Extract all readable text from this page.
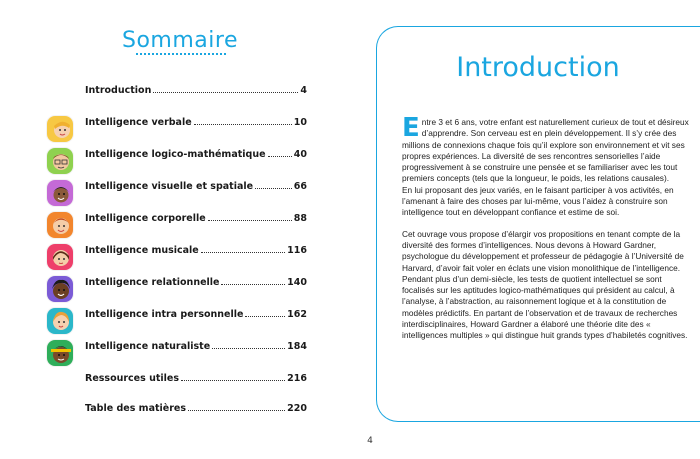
Sommaire
Introduction	4
Intelligence verbale	10
Intelligence logico-mathématique	40
Intelligence visuelle et spatiale	66
Intelligence corporelle	88
Intelligence musicale	116
Intelligence relationnelle	140
Intelligence intra personnelle	162
Intelligence naturaliste	184
Ressources utiles	216
Table des matières	220
4
Introduction

Entre 3 et 6 ans, votre enfant est naturellement curieux de tout et désireux d’apprendre. Son cerveau est en plein développement. Il s’y crée des millions de connexions chaque fois qu’il explore son environnement et vit ses propres expériences. La diversité de ses rencontres sensorielles l’aide progressivement à se construire une pensée et se familiariser avec les tout premiers concepts (tels que la longueur, le poids, les relations causales).
En lui proposant des jeux variés, en le faisant participer à vos activités, en l’amenant à faire des choses par lui-même, vous l’aidez à construire son intelligence tout en développant confiance et estime de soi.

Cet ouvrage vous propose d’élargir vos propositions en tenant compte de la diversité des formes d’intelligences. Nous devons à Howard Gardner, psychologue du développement et professeur de pédagogie à l’Université de Harvard, d’avoir fait voler en éclats une vision monolithique de l’intelligence. Pendant plus d’un demi-siècle, les tests de quotient intellectuel se sont focalisés sur les aptitudes logico-mathématiques qui président au calcul, à l’analyse, à l’abstraction, au raisonnement logique et à la constitution de modèles prédictifs. En partant de l’observation et de travaux de recherches interdisciplinaires, Howard Gardner a élaboré une théorie dite des « intelligences multiples » qui distingue huit grands types d’habiletés cognitives.
